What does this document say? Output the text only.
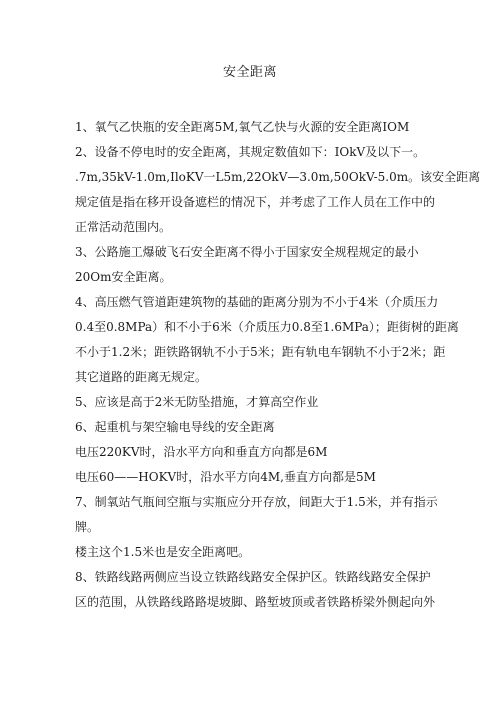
安全距离
1、氧气乙快瓶的安全距离5M,氧气乙快与火源的安全距离IOM
2、设备不停电时的安全距离，其规定数值如下：IOkV及以下一。
.7m,35kV-1.0m,IloKV一L5m,22OkV—3.0m,50OkV-5.0m。该安全距离
规定值是指在移开设备遮栏的情况下，并考虑了工作人员在工作中的
正常活动范围内。
3、公路施工爆破飞石安全距离不得小于国家安全规程规定的最小
20Om安全距离。
4、高压燃气管道距建筑物的基础的距离分别为不小于4米（介质压力
0.4至0.8MPa）和不小于6米（介质压力0.8至1.6MPa）；距街树的距离
不小于1.2米；距铁路钢轨不小于5米；距有轨电车钢轨不小于2米；距
其它道路的距离无规定。
5、应该是高于2米无防坠措施，才算高空作业
6、起重机与架空输电导线的安全距离
电压220KV时，沿水平方向和垂直方向都是6M
电压60——HOKV时，沿水平方向4M,垂直方向都是5M
7、制氧站气瓶间空瓶与实瓶应分开存放，间距大于1.5米，并有指示
牌。
楼主这个1.5米也是安全距离吧。
8、铁路线路两侧应当设立铁路线路安全保护区。铁路线路安全保护
区的范围，从铁路线路路堤坡脚、路堑坡顶或者铁路桥梁外侧起向外
